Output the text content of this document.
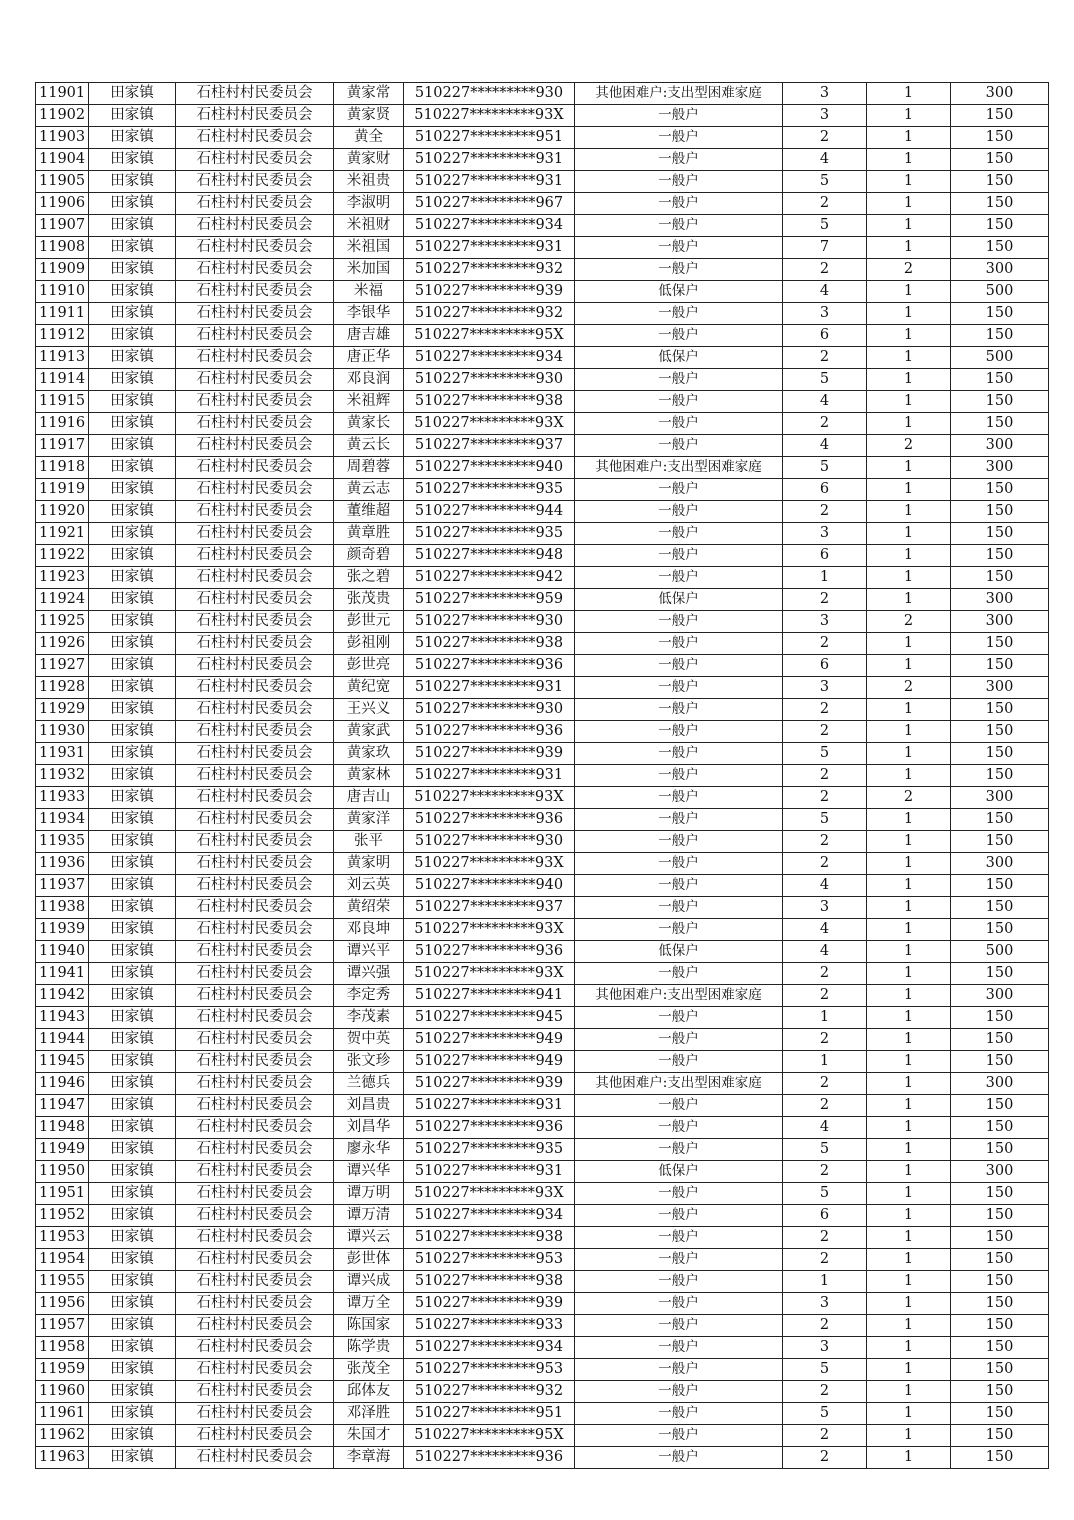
11901	田家镇	石柱村村民委员会	黄家常	510227*********930	其他困难户:支出型困难家庭	3	1	300
11902	田家镇	石柱村村民委员会	黄家贤	510227*********93X	一般户	3	1	150
11903	田家镇	石柱村村民委员会	黄全	510227*********951	一般户	2	1	150
11904	田家镇	石柱村村民委员会	黄家财	510227*********931	一般户	4	1	150
11905	田家镇	石柱村村民委员会	米祖贵	510227*********931	一般户	5	1	150
11906	田家镇	石柱村村民委员会	李淑明	510227*********967	一般户	2	1	150
11907	田家镇	石柱村村民委员会	米祖财	510227*********934	一般户	5	1	150
11908	田家镇	石柱村村民委员会	米祖国	510227*********931	一般户	7	1	150
11909	田家镇	石柱村村民委员会	米加国	510227*********932	一般户	2	2	300
11910	田家镇	石柱村村民委员会	米福	510227*********939	低保户	4	1	500
11911	田家镇	石柱村村民委员会	李银华	510227*********932	一般户	3	1	150
11912	田家镇	石柱村村民委员会	唐吉雄	510227*********95X	一般户	6	1	150
11913	田家镇	石柱村村民委员会	唐正华	510227*********934	低保户	2	1	500
11914	田家镇	石柱村村民委员会	邓良润	510227*********930	一般户	5	1	150
11915	田家镇	石柱村村民委员会	米祖辉	510227*********938	一般户	4	1	150
11916	田家镇	石柱村村民委员会	黄家长	510227*********93X	一般户	2	1	150
11917	田家镇	石柱村村民委员会	黄云长	510227*********937	一般户	4	2	300
11918	田家镇	石柱村村民委员会	周碧蓉	510227*********940	其他困难户:支出型困难家庭	5	1	300
11919	田家镇	石柱村村民委员会	黄云志	510227*********935	一般户	6	1	150
11920	田家镇	石柱村村民委员会	董维超	510227*********944	一般户	2	1	150
11921	田家镇	石柱村村民委员会	黄章胜	510227*********935	一般户	3	1	150
11922	田家镇	石柱村村民委员会	颜奇碧	510227*********948	一般户	6	1	150
11923	田家镇	石柱村村民委员会	张之碧	510227*********942	一般户	1	1	150
11924	田家镇	石柱村村民委员会	张茂贵	510227*********959	低保户	2	1	300
11925	田家镇	石柱村村民委员会	彭世元	510227*********930	一般户	3	2	300
11926	田家镇	石柱村村民委员会	彭祖刚	510227*********938	一般户	2	1	150
11927	田家镇	石柱村村民委员会	彭世亮	510227*********936	一般户	6	1	150
11928	田家镇	石柱村村民委员会	黄纪宽	510227*********931	一般户	3	2	300
11929	田家镇	石柱村村民委员会	王兴义	510227*********930	一般户	2	1	150
11930	田家镇	石柱村村民委员会	黄家武	510227*********936	一般户	2	1	150
11931	田家镇	石柱村村民委员会	黄家玖	510227*********939	一般户	5	1	150
11932	田家镇	石柱村村民委员会	黄家林	510227*********931	一般户	2	1	150
11933	田家镇	石柱村村民委员会	唐吉山	510227*********93X	一般户	2	2	300
11934	田家镇	石柱村村民委员会	黄家洋	510227*********936	一般户	5	1	150
11935	田家镇	石柱村村民委员会	张平	510227*********930	一般户	2	1	150
11936	田家镇	石柱村村民委员会	黄家明	510227*********93X	一般户	2	1	300
11937	田家镇	石柱村村民委员会	刘云英	510227*********940	一般户	4	1	150
11938	田家镇	石柱村村民委员会	黄绍荣	510227*********937	一般户	3	1	150
11939	田家镇	石柱村村民委员会	邓良坤	510227*********93X	一般户	4	1	150
11940	田家镇	石柱村村民委员会	谭兴平	510227*********936	低保户	4	1	500
11941	田家镇	石柱村村民委员会	谭兴强	510227*********93X	一般户	2	1	150
11942	田家镇	石柱村村民委员会	李定秀	510227*********941	其他困难户:支出型困难家庭	2	1	300
11943	田家镇	石柱村村民委员会	李茂素	510227*********945	一般户	1	1	150
11944	田家镇	石柱村村民委员会	贺中英	510227*********949	一般户	2	1	150
11945	田家镇	石柱村村民委员会	张文珍	510227*********949	一般户	1	1	150
11946	田家镇	石柱村村民委员会	兰德兵	510227*********939	其他困难户:支出型困难家庭	2	1	300
11947	田家镇	石柱村村民委员会	刘昌贵	510227*********931	一般户	2	1	150
11948	田家镇	石柱村村民委员会	刘昌华	510227*********936	一般户	4	1	150
11949	田家镇	石柱村村民委员会	廖永华	510227*********935	一般户	5	1	150
11950	田家镇	石柱村村民委员会	谭兴华	510227*********931	低保户	2	1	300
11951	田家镇	石柱村村民委员会	谭万明	510227*********93X	一般户	5	1	150
11952	田家镇	石柱村村民委员会	谭万清	510227*********934	一般户	6	1	150
11953	田家镇	石柱村村民委员会	谭兴云	510227*********938	一般户	2	1	150
11954	田家镇	石柱村村民委员会	彭世体	510227*********953	一般户	2	1	150
11955	田家镇	石柱村村民委员会	谭兴成	510227*********938	一般户	1	1	150
11956	田家镇	石柱村村民委员会	谭万全	510227*********939	一般户	3	1	150
11957	田家镇	石柱村村民委员会	陈国家	510227*********933	一般户	2	1	150
11958	田家镇	石柱村村民委员会	陈学贵	510227*********934	一般户	3	1	150
11959	田家镇	石柱村村民委员会	张茂全	510227*********953	一般户	5	1	150
11960	田家镇	石柱村村民委员会	邱体友	510227*********932	一般户	2	1	150
11961	田家镇	石柱村村民委员会	邓泽胜	510227*********951	一般户	5	1	150
11962	田家镇	石柱村村民委员会	朱国才	510227*********95X	一般户	2	1	150
11963	田家镇	石柱村村民委员会	李章海	510227*********936	一般户	2	1	150
